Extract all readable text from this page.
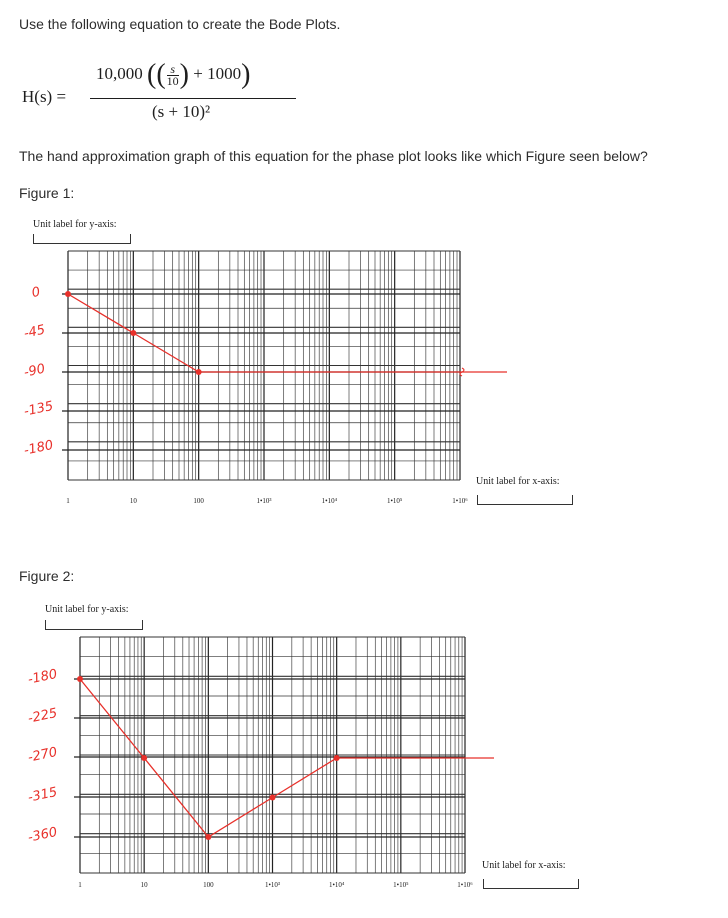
Use the following equation to create the Bode Plots.
H(s) =
10,000 (( $\frac{s}{10}$ ) + 1000)
(s + 10)²
The hand approximation graph of this equation for the phase plot looks like which Figure seen below?
Figure 1:
Unit label for y-axis:
Unit label for x-axis:
1	10	100	1•10³	1•10⁴	1•10⁵	1•10⁶
0
-45
-90
-135
-180
Figure 2:
Unit label for y-axis:
Unit label for x-axis:
1	10	100	1•10³	1•10⁴	1•10⁵	1•10⁶
-180
-225
-270
-315
-360
